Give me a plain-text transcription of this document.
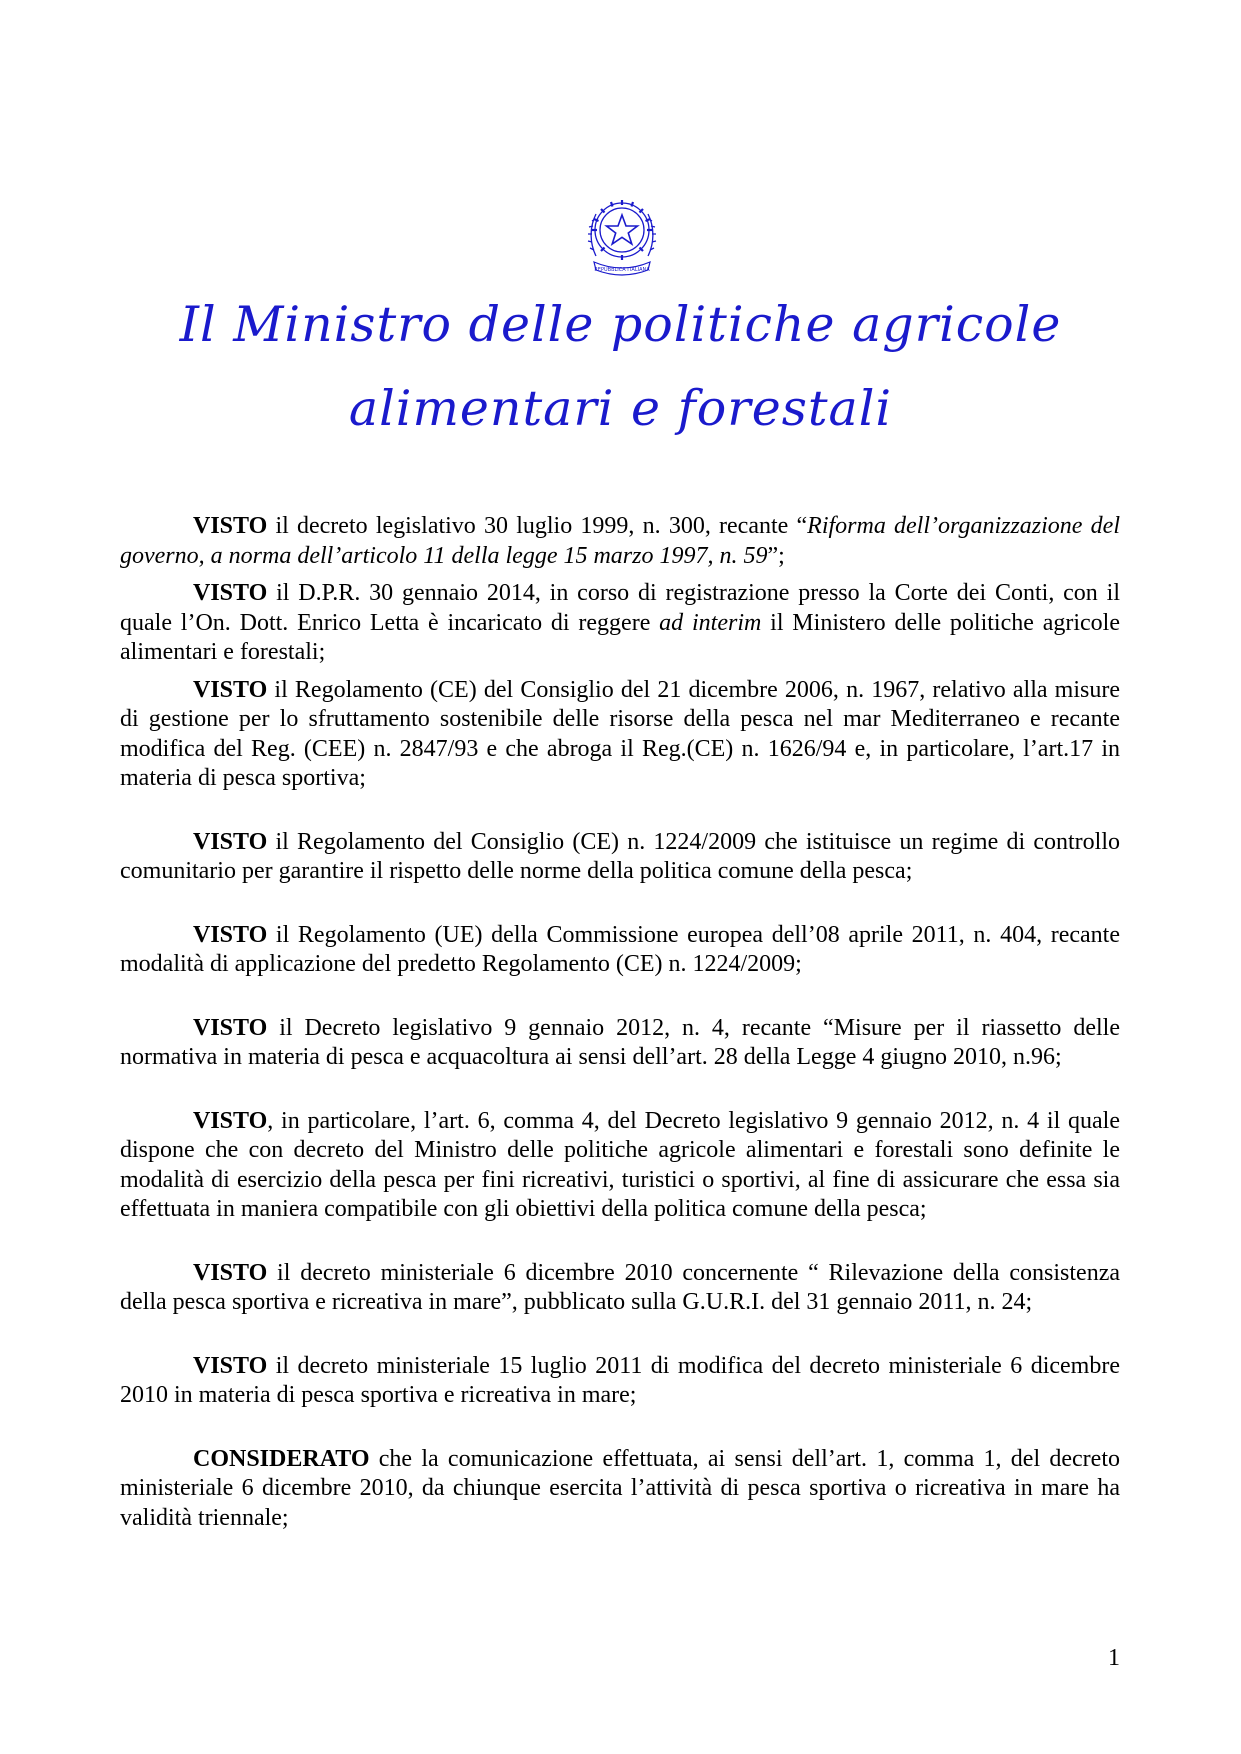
REPUBBLICA ITALIANA
Il Ministro delle politiche agricole
alimentari e forestali

VISTO il decreto legislativo 30 luglio 1999, n. 300, recante “Riforma dell’organizzazione del governo, a norma dell’articolo 11 della legge 15 marzo 1997, n. 59”;

VISTO il D.P.R. 30 gennaio 2014, in corso di registrazione presso la Corte dei Conti, con il quale l’On. Dott. Enrico Letta è incaricato di reggere ad interim il Ministero delle politiche agricole alimentari e forestali;

VISTO il Regolamento (CE) del Consiglio del 21 dicembre 2006, n. 1967, relativo alla misure di gestione per lo sfruttamento sostenibile delle risorse della pesca nel mar Mediterraneo e recante modifica del Reg. (CEE) n. 2847/93 e che abroga il Reg.(CE) n. 1626/94 e, in particolare, l’art.17 in materia di pesca sportiva;

VISTO il Regolamento del Consiglio (CE) n. 1224/2009 che istituisce un regime di controllo comunitario per garantire il rispetto delle norme della politica comune della pesca;

VISTO il Regolamento (UE) della Commissione europea dell’08 aprile 2011, n. 404, recante modalità di applicazione del predetto Regolamento (CE) n. 1224/2009;

VISTO il Decreto legislativo 9 gennaio 2012, n. 4, recante “Misure per il riassetto delle normativa in materia di pesca e acquacoltura ai sensi dell’art. 28 della Legge 4 giugno 2010, n.96;

VISTO, in particolare, l’art. 6, comma 4, del Decreto legislativo 9 gennaio 2012, n. 4 il quale dispone che con decreto del Ministro delle politiche agricole alimentari e forestali sono definite le modalità di esercizio della pesca per fini ricreativi, turistici o sportivi, al fine di assicurare che essa sia effettuata in maniera compatibile con gli obiettivi della politica comune della pesca;

VISTO il decreto ministeriale 6 dicembre 2010 concernente “ Rilevazione della consistenza della pesca sportiva e ricreativa in mare”, pubblicato sulla G.U.R.I. del 31 gennaio 2011, n. 24;

VISTO il decreto ministeriale 15 luglio 2011 di modifica del decreto ministeriale 6 dicembre 2010 in materia di pesca sportiva e ricreativa in mare;

CONSIDERATO che la comunicazione effettuata, ai sensi dell’art. 1, comma 1, del decreto ministeriale 6 dicembre 2010, da chiunque esercita l’attività di pesca sportiva o ricreativa in mare ha validità triennale;

1
